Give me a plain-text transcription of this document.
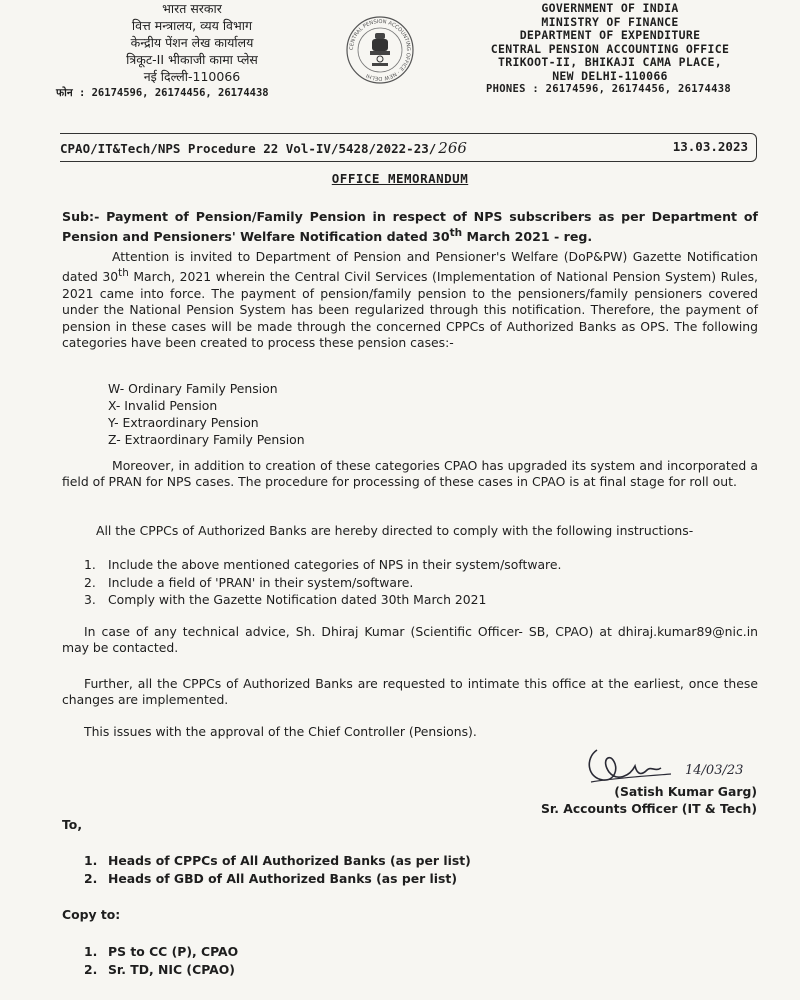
भारत सरकार
वित्त मन्त्रालय, व्यय विभाग
केन्द्रीय पेंशन लेख कार्यालय
त्रिकूट-II भीकाजी कामा प्लेस
नई दिल्ली-110066
फोन : 26174596, 26174456, 26174438
CENTRAL PENSION ACCOUNTING OFFICE · NEW DELHI
GOVERNMENT OF INDIA
MINISTRY OF FINANCE
DEPARTMENT OF EXPENDITURE
CENTRAL PENSION ACCOUNTING OFFICE
TRIKOOT-II, BHIKAJI CAMA PLACE,
NEW DELHI-110066
PHONES : 26174596, 26174456, 26174438
CPAO/IT&Tech/NPS Procedure 22 Vol-IV/5428/2022-23/ 266	13.03.2023
OFFICE MEMORANDUM
Sub:- Payment of Pension/Family Pension in respect of NPS subscribers as per Department of Pension and Pensioners' Welfare Notification dated 30th March 2021 - reg.
Attention is invited to Department of Pension and Pensioner's Welfare (DoP&PW) Gazette Notification dated 30th March, 2021 wherein the Central Civil Services (Implementation of National Pension System) Rules, 2021 came into force. The payment of pension/family pension to the pensioners/family pensioners covered under the National Pension System has been regularized through this notification. Therefore, the payment of pension in these cases will be made through the concerned CPPCs of Authorized Banks as OPS. The following categories have been created to process these pension cases:-
W- Ordinary Family Pension
X- Invalid Pension
Y- Extraordinary Pension
Z- Extraordinary Family Pension
Moreover, in addition to creation of these categories CPAO has upgraded its system and incorporated a field of PRAN for NPS cases. The procedure for processing of these cases in CPAO is at final stage for roll out.
All the CPPCs of Authorized Banks are hereby directed to comply with the following instructions-
1. Include the above mentioned categories of NPS in their system/software.
2. Include a field of 'PRAN' in their system/software.
3. Comply with the Gazette Notification dated 30th March 2021
In case of any technical advice, Sh. Dhiraj Kumar (Scientific Officer- SB, CPAO) at dhiraj.kumar89@nic.in may be contacted.
Further, all the CPPCs of Authorized Banks are requested to intimate this office at the earliest, once these changes are implemented.
This issues with the approval of the Chief Controller (Pensions).
14/03/23
(Satish Kumar Garg)
Sr. Accounts Officer (IT & Tech)
To,
1. Heads of CPPCs of All Authorized Banks (as per list)
2. Heads of GBD of All Authorized Banks (as per list)
Copy to:
1. PS to CC (P), CPAO
2. Sr. TD, NIC (CPAO)
